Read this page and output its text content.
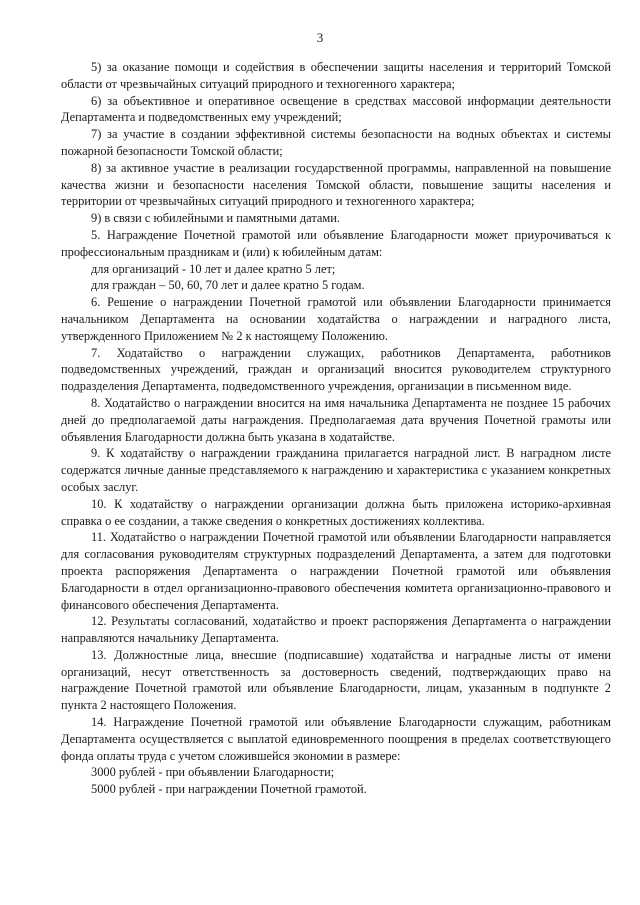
3

5) за оказание помощи и содействия в обеспечении защиты населения и территорий Томской области от чрезвычайных ситуаций природного и техногенного характера;

6) за объективное и оперативное освещение в средствах массовой информации деятельности Департамента и подведомственных ему учреждений;

7) за участие в создании эффективной системы безопасности на водных объектах и системы пожарной безопасности Томской области;

8) за активное участие в реализации государственной программы, направленной на повышение качества жизни и безопасности населения Томской области, повышение защиты населения и территории от чрезвычайных ситуаций природного и техногенного характера;

9) в связи с юбилейными и памятными датами.

5. Награждение Почетной грамотой или объявление Благодарности может приурочиваться к профессиональным праздникам и (или) к юбилейным датам:

для организаций - 10 лет и далее кратно 5 лет;

для граждан – 50, 60, 70 лет и далее кратно 5 годам.

6. Решение о награждении Почетной грамотой или объявлении Благодарности принимается начальником Департамента на основании ходатайства о награждении и наградного листа, утвержденного Приложением № 2 к настоящему Положению.

7. Ходатайство о награждении служащих, работников Департамента, работников подведомственных учреждений, граждан и организаций вносится руководителем структурного подразделения Департамента, подведомственного учреждения, организации в письменном виде.

8. Ходатайство о награждении вносится на имя начальника Департамента не позднее 15 рабочих дней до предполагаемой даты награждения. Предполагаемая дата вручения Почетной грамоты или объявления Благодарности должна быть указана в ходатайстве.

9. К ходатайству о награждении гражданина прилагается наградной лист. В наградном листе содержатся личные данные представляемого к награждению и характеристика с указанием конкретных особых заслуг.

10. К ходатайству о награждении организации должна быть приложена историко-архивная справка о ее создании, а также сведения о конкретных достижениях коллектива.

11. Ходатайство о награждении Почетной грамотой или объявлении Благодарности направляется для согласования руководителям структурных подразделений Департамента, а затем для подготовки проекта распоряжения Департамента о награждении Почетной грамотой или объявления Благодарности в отдел организационно-правового обеспечения комитета организационно-правового и финансового обеспечения Департамента.

12. Результаты согласований, ходатайство и проект распоряжения Департамента о награждении направляются начальнику Департамента.

13. Должностные лица, внесшие (подписавшие) ходатайства и наградные листы от имени организаций, несут ответственность за достоверность сведений, подтверждающих право на награждение Почетной грамотой или объявление Благодарности, лицам, указанным в подпункте 2 пункта 2 настоящего Положения.

14. Награждение Почетной грамотой или объявление Благодарности служащим, работникам Департамента осуществляется с выплатой единовременного поощрения в пределах соответствующего фонда оплаты труда с учетом сложившейся экономии в размере:

3000 рублей - при объявлении Благодарности;

5000 рублей - при награждении Почетной грамотой.
